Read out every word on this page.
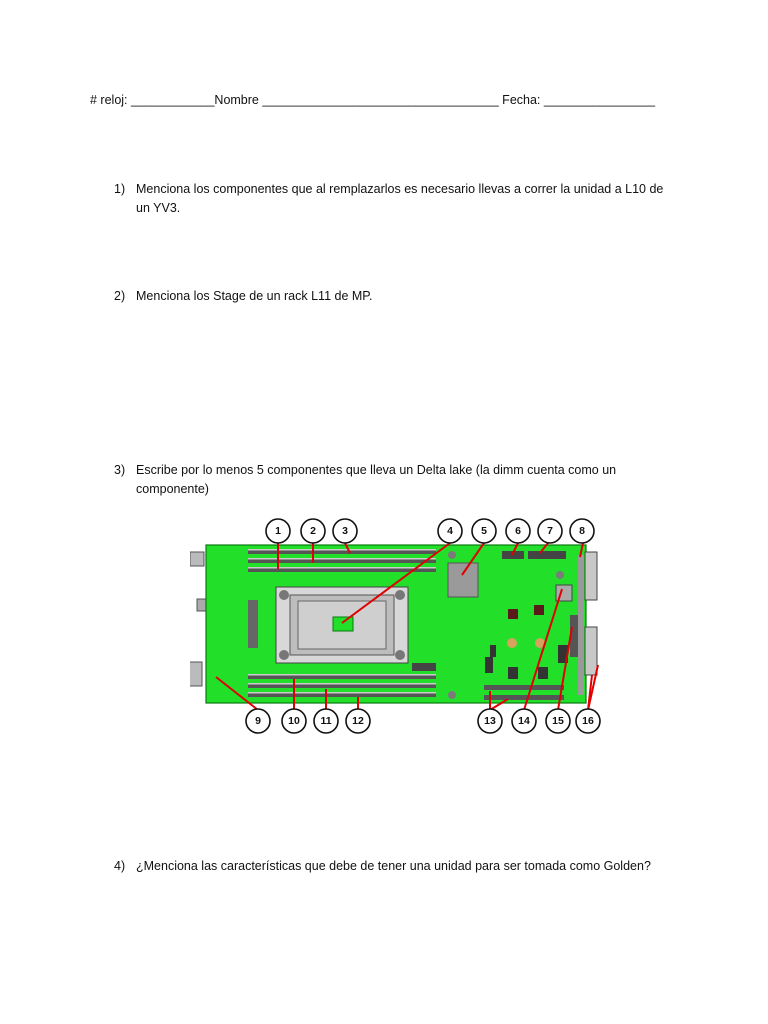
# reloj: ____________Nombre __________________________________ Fecha: ________________
1) Menciona los componentes que al remplazarlos es necesario llevas a correr la unidad a L10 de un YV3.
2) Menciona los Stage de un rack L11 de MP.
3) Escribe por lo menos 5 componentes que lleva un Delta lake (la dimm cuenta como un componente)
4) ¿Menciona las características que debe de tener una unidad para ser tomada como Golden?
1	2 3	4	5	6 7 8
9	10 11 12	13 14 15 16
